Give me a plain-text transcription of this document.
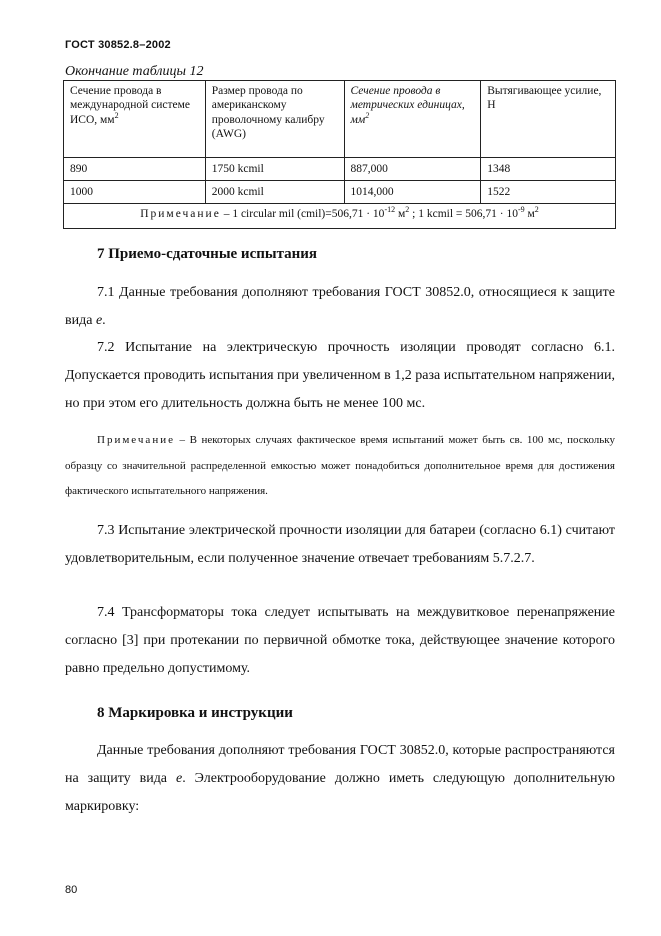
ГОСТ 30852.8–2002
Окончание таблицы 12
Сечение провода в международной системе ИСО, $мм^2$	Размер провода по американскому проволочному калибру (AWG)	Сечение провода в метрических единицах, $мм^2$	Вытягивающее усилие, Н
890	1750 kcmil	887,000	1348
1000	2000 kcmil	1014,000	1522
Примечание – 1 circular mil (cmil)=506,71 · $10^{-12}$ $м^2$ ; 1 kcmil = $506,71 \cdot 10^{-9}$ $м^2$
7 Приемо-сдаточные испытания

7.1 Данные требования дополняют требования ГОСТ 30852.0, относящиеся к защите вида е.

7.2 Испытание на электрическую прочность изоляции проводят согласно 6.1. Допускается проводить испытания при увеличенном в 1,2 раза испытательном напряжении, но при этом его длительность должна быть не менее 100 мс.

Примечание – В некоторых случаях фактическое время испытаний может быть св. 100 мс, поскольку образцу со значительной распределенной емкостью может понадобиться дополнительное время для достижения фактического испытательного напряжения.

7.3 Испытание электрической прочности изоляции для батареи (согласно 6.1) считают удовлетворительным, если полученное значение отвечает требованиям 5.7.2.7.

7.4 Трансформаторы тока следует испытывать на междувитковое перенапряжение согласно [3] при протекании по первичной обмотке тока, действующее значение которого равно предельно допустимому.

8 Маркировка и инструкции

Данные требования дополняют требования ГОСТ 30852.0, которые распространяются на защиту вида е. Электрооборудование должно иметь следующую дополнительную маркировку:

80
